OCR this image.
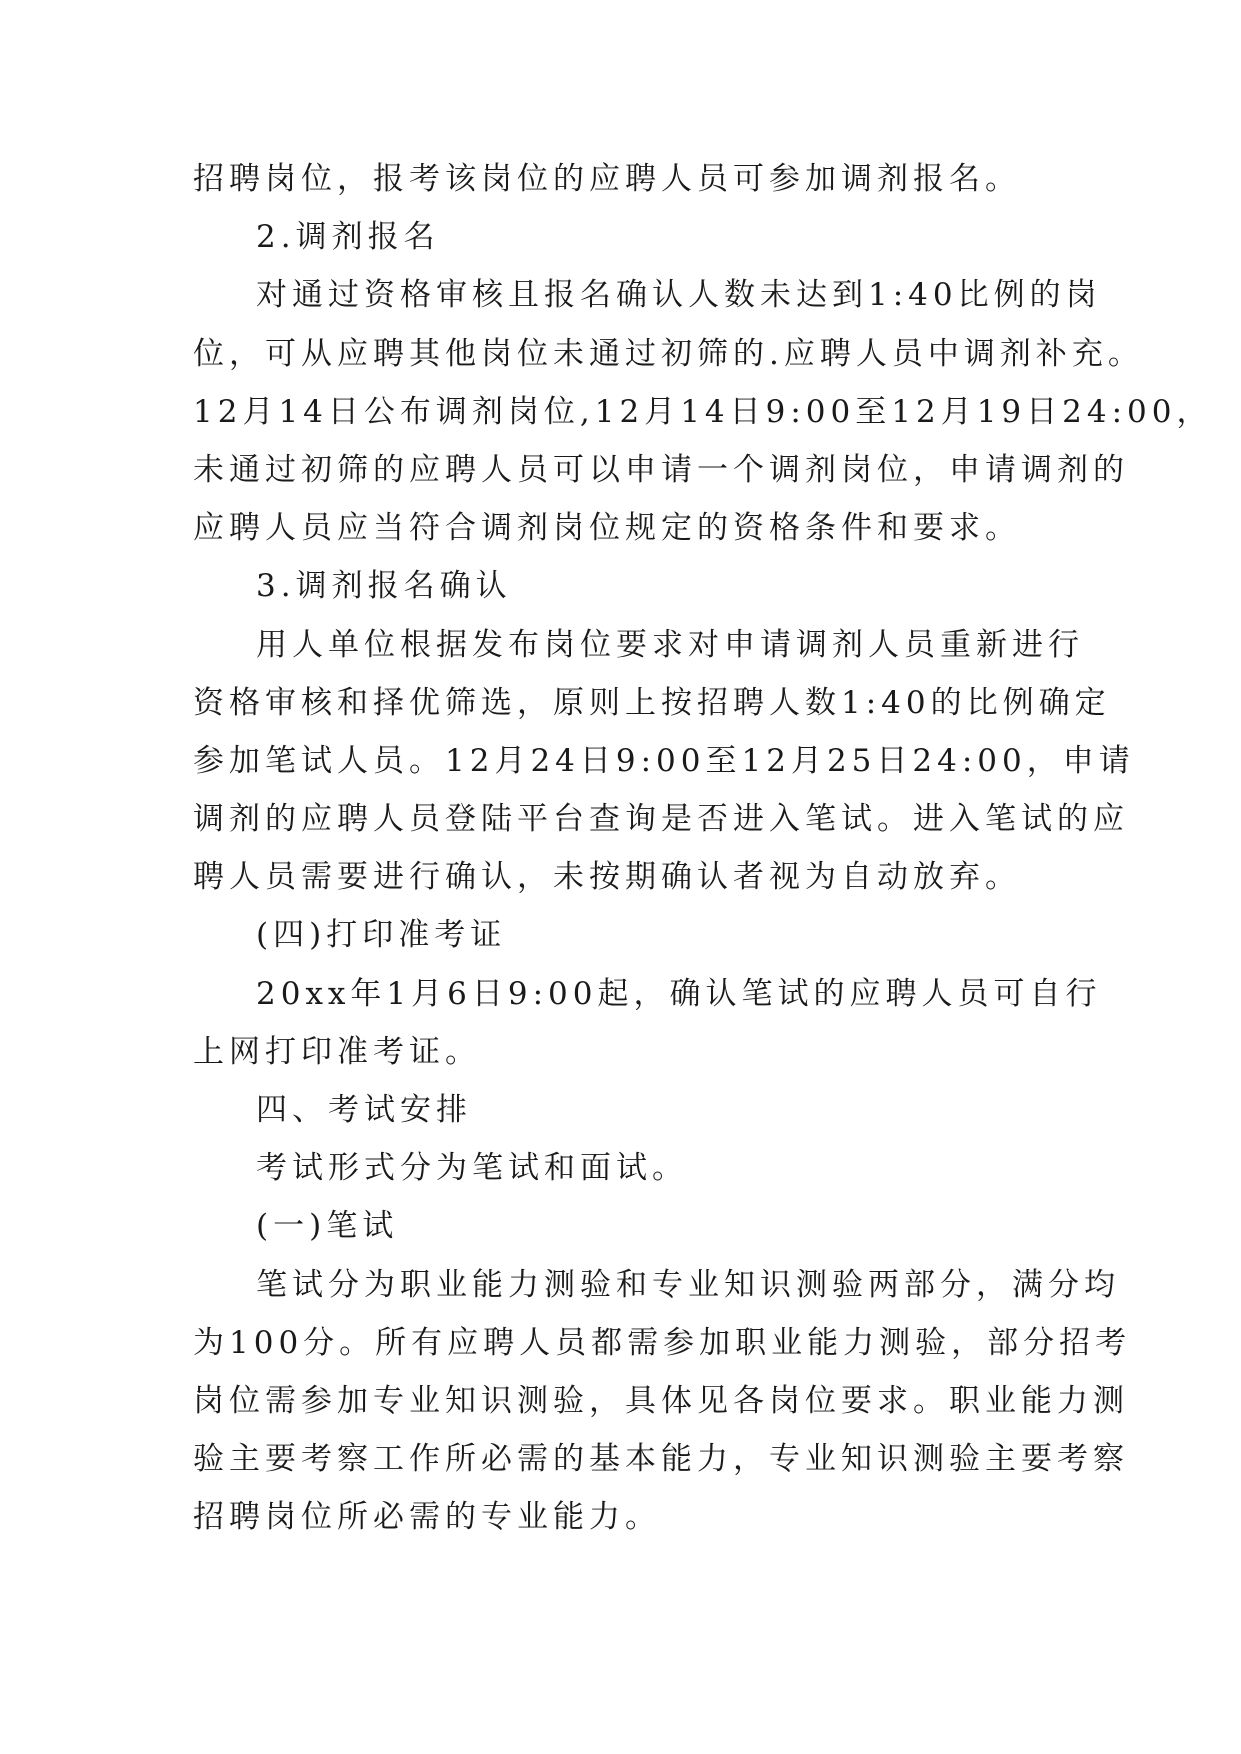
招聘岗位，报考该岗位的应聘人员可参加调剂报名。
2.调剂报名
对通过资格审核且报名确认人数未达到1:40比例的岗
位，可从应聘其他岗位未通过初筛的.应聘人员中调剂补充。
12月14日公布调剂岗位,12月14日9:00至12月19日24:00，
未通过初筛的应聘人员可以申请一个调剂岗位，申请调剂的
应聘人员应当符合调剂岗位规定的资格条件和要求。
3.调剂报名确认
用人单位根据发布岗位要求对申请调剂人员重新进行
资格审核和择优筛选，原则上按招聘人数1:40的比例确定
参加笔试人员。12月24日9:00至12月25日24:00，申请
调剂的应聘人员登陆平台查询是否进入笔试。进入笔试的应
聘人员需要进行确认，未按期确认者视为自动放弃。
(四)打印准考证
20xx年1月6日9:00起，确认笔试的应聘人员可自行
上网打印准考证。
四、考试安排
考试形式分为笔试和面试。
(一)笔试
笔试分为职业能力测验和专业知识测验两部分，满分均
为100分。所有应聘人员都需参加职业能力测验，部分招考
岗位需参加专业知识测验，具体见各岗位要求。职业能力测
验主要考察工作所必需的基本能力，专业知识测验主要考察
招聘岗位所必需的专业能力。
